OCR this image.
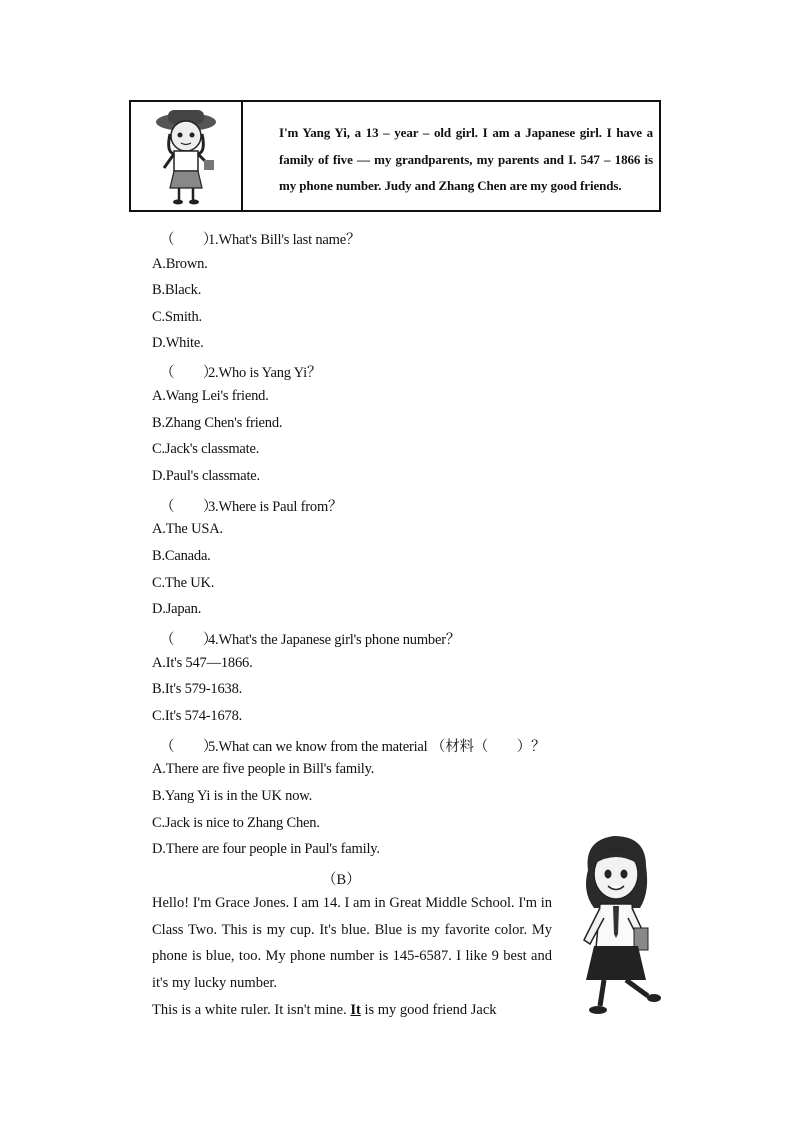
I'm Yang Yi, a 13 – year – old girl. I am a Japanese girl. I have a family of five — my grandparents, my parents and I. 547 – 1866 is my phone number. Judy and Zhang Chen are my good friends.
（　　）1.What's Bill's last name？
A.Brown.
B.Black.
C.Smith.
D.White.
（　　）2.Who is Yang Yi？
A.Wang Lei's friend.
B.Zhang Chen's friend.
C.Jack's classmate.
D.Paul's classmate.
（　　）3.Where is Paul from？
A.The USA.
B.Canada.
C.The UK.
D.Japan.
（　　）4.What's the Japanese girl's phone number？
A.It's 547—1866.
B.It's 579-1638.
C.It's 574-1678.
（　　）5.What can we know from the material （材料（　　）？
A.There are five people in Bill's family.
B.Yang Yi is in the UK now.
C.Jack is nice to Zhang Chen.
D.There are four people in Paul's family.
（B）
Hello! I'm Grace Jones. I am 14. I am in Great Middle School. I'm in Class Two. This is my cup. It's blue. Blue is my favorite color. My phone is blue, too. My phone number is 145-6587. I like 9 best and it's my lucky number.
This is a white ruler. It isn't mine. It is my good friend Jack
